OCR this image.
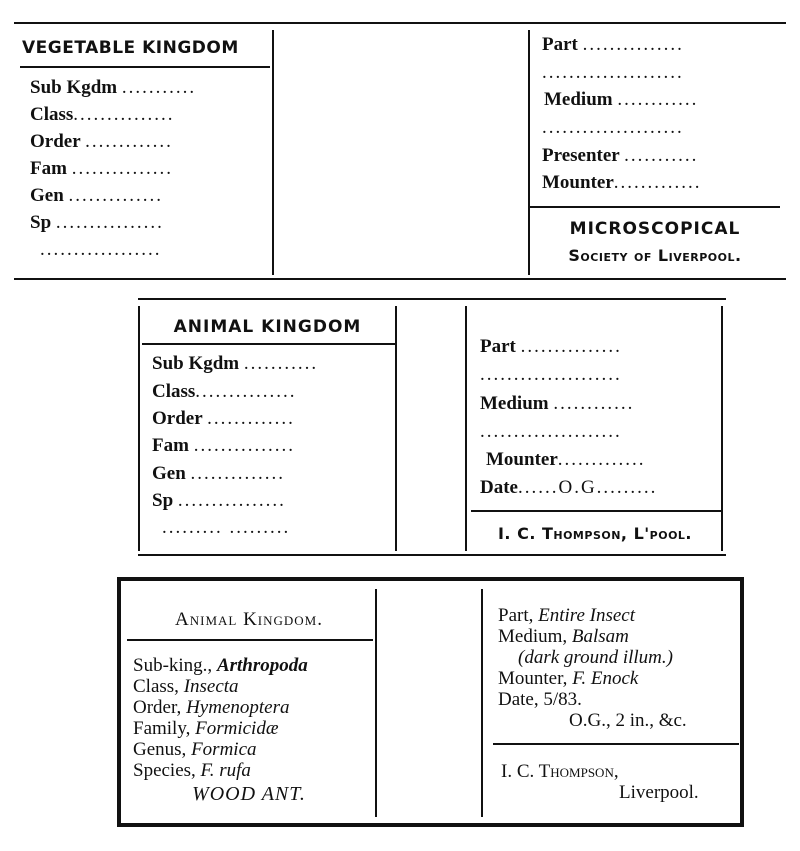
VEGETABLE KINGDOM
Sub Kgdm ...........
Class...............
Order .............
Fam ...............
Gen ..............
Sp ................
..................
Part ...............
.....................
Medium ............
.....................
Presenter ...........
Mounter.............
MICROSCOPICAL
Society of Liverpool.
ANIMAL KINGDOM
Sub Kgdm ...........
Class...............
Order .............
Fam ...............
Gen ..............
Sp ................
......... .........
Part ...............
.....................
Medium ............
.....................
Mounter.............
Date......O.G.........
I. C. Thompson, L'pool.
Animal Kingdom.
Sub-king., Arthropoda
Class, Insecta
Order, Hymenoptera
Family, Formicidæ
Genus, Formica
Species, F. rufa
WOOD ANT.
Part, Entire Insect
Medium, Balsam
(dark ground illum.)
Mounter, F. Enock
Date, 5/83.
O.G., 2 in., &c.
I. C. Thompson,
Liverpool.
